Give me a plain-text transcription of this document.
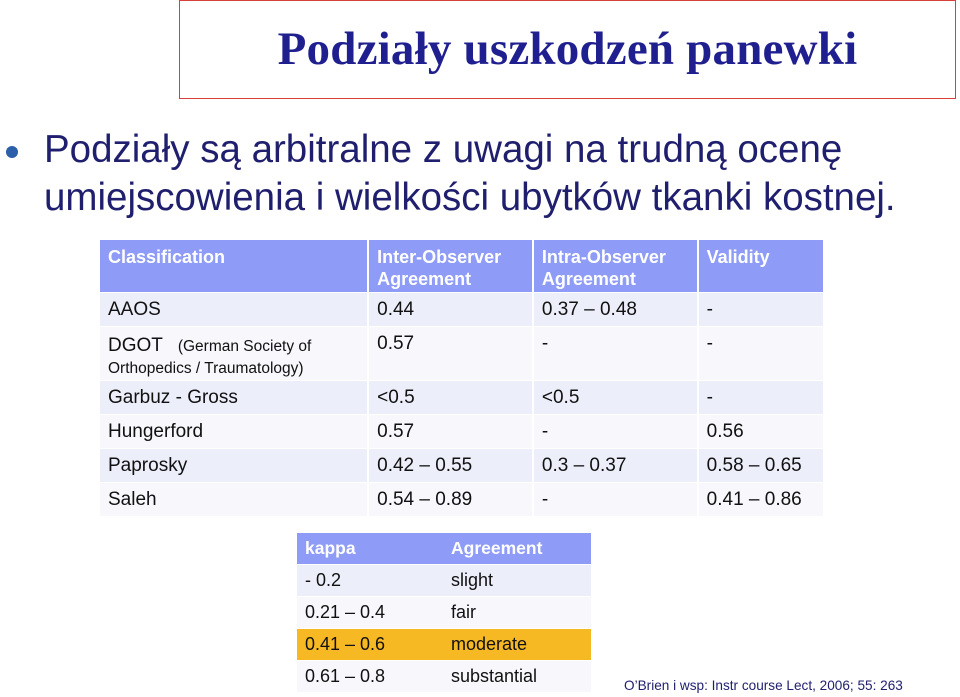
Podziały uszkodzeń panewki
Podziały są arbitralne z uwagi na trudną ocenę
umiejscowienia i wielkości ubytków tkanki kostnej.
Classification	Inter-Observer Agreement	Intra-Observer Agreement	Validity
AAOS	0.44	0.37 – 0.48	-
DGOT (German Society of Orthopedics / Traumatology)	0.57	-	-
Garbuz - Gross	<0.5	<0.5	-
Hungerford	0.57	-	0.56
Paprosky	0.42 – 0.55	0.3 – 0.37	0.58 – 0.65
Saleh	0.54 – 0.89	-	0.41 – 0.86
kappa	Agreement
- 0.2	slight
0.21 – 0.4	fair
0.41 – 0.6	moderate
0.61 – 0.8	substantial	O’Brien i wsp: Instr course Lect, 2006; 55: 263
